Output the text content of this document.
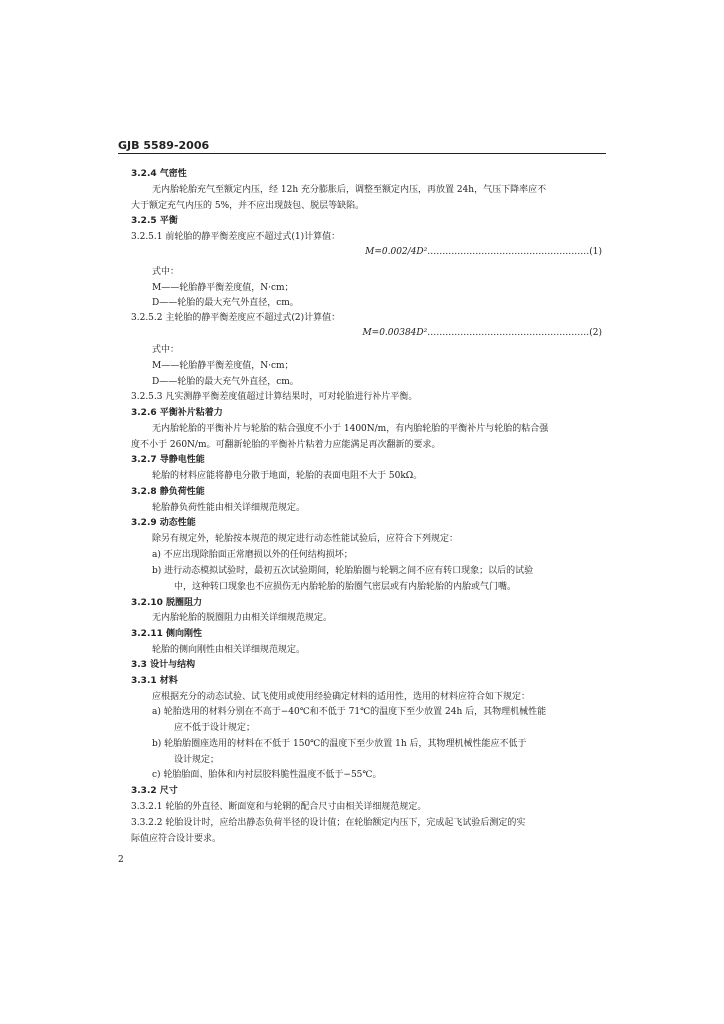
GJB 5589-2006
3.2.4 气密性
无内胎轮胎充气至额定内压，经 12h 充分膨胀后，调整至额定内压，再放置 24h，气压下降率应不
大于额定充气内压的 5%，并不应出现鼓包、脱层等缺陷。
3.2.5 平衡
3.2.5.1 前轮胎的静平衡差度应不超过式(1)计算值：
式中：
M——轮胎静平衡差度值，N·cm；
D——轮胎的最大充气外直径，cm。
3.2.5.2 主轮胎的静平衡差度应不超过式(2)计算值：
式中：
M——轮胎静平衡差度值，N·cm；
D——轮胎的最大充气外直径，cm。
3.2.5.3 凡实测静平衡差度值超过计算结果时，可对轮胎进行补片平衡。
3.2.6 平衡补片粘着力
无内胎轮胎的平衡补片与轮胎的粘合强度不小于 1400N/m，有内胎轮胎的平衡补片与轮胎的粘合强
度不小于 260N/m。可翻新轮胎的平衡补片粘着力应能满足再次翻新的要求。
3.2.7 导静电性能
轮胎的材料应能将静电分散于地面，轮胎的表面电阻不大于 50kΩ。
3.2.8 静负荷性能
轮胎静负荷性能由相关详细规范规定。
3.2.9 动态性能
除另有规定外，轮胎按本规范的规定进行动态性能试验后，应符合下列规定：
a) 不应出现除胎面正常磨损以外的任何结构损坏；
b) 进行动态模拟试验时，最初五次试验期间，轮胎胎圈与轮辋之间不应有转口现象；以后的试验
中，这种转口现象也不应损伤无内胎轮胎的胎圈气密层或有内胎轮胎的内胎或气门嘴。
3.2.10 脱圈阻力
无内胎轮胎的脱圈阻力由相关详细规范规定。
3.2.11 侧向刚性
轮胎的侧向刚性由相关详细规范规定。
3.3 设计与结构
3.3.1 材料
应根据充分的动态试验、试飞使用或使用经验确定材料的适用性，选用的材料应符合如下规定：
a) 轮胎选用的材料分别在不高于−40℃和不低于 71℃的温度下至少放置 24h 后，其物理机械性能
应不低于设计规定；
b) 轮胎胎圈座选用的材料在不低于 150℃的温度下至少放置 1h 后，其物理机械性能应不低于
设计规定；
c) 轮胎胎面、胎体和内衬层胶料脆性温度不低于−55℃。
3.3.2 尺寸
3.3.2.1 轮胎的外直径、断面宽和与轮辋的配合尺寸由相关详细规范规定。
3.3.2.2 轮胎设计时，应给出静态负荷半径的设计值；在轮胎额定内压下，完成起飞试验后测定的实
际值应符合设计要求。
M=0.002/4D²………………………………………………(1)
M=0.00384D²………………………………………………(2)
2
